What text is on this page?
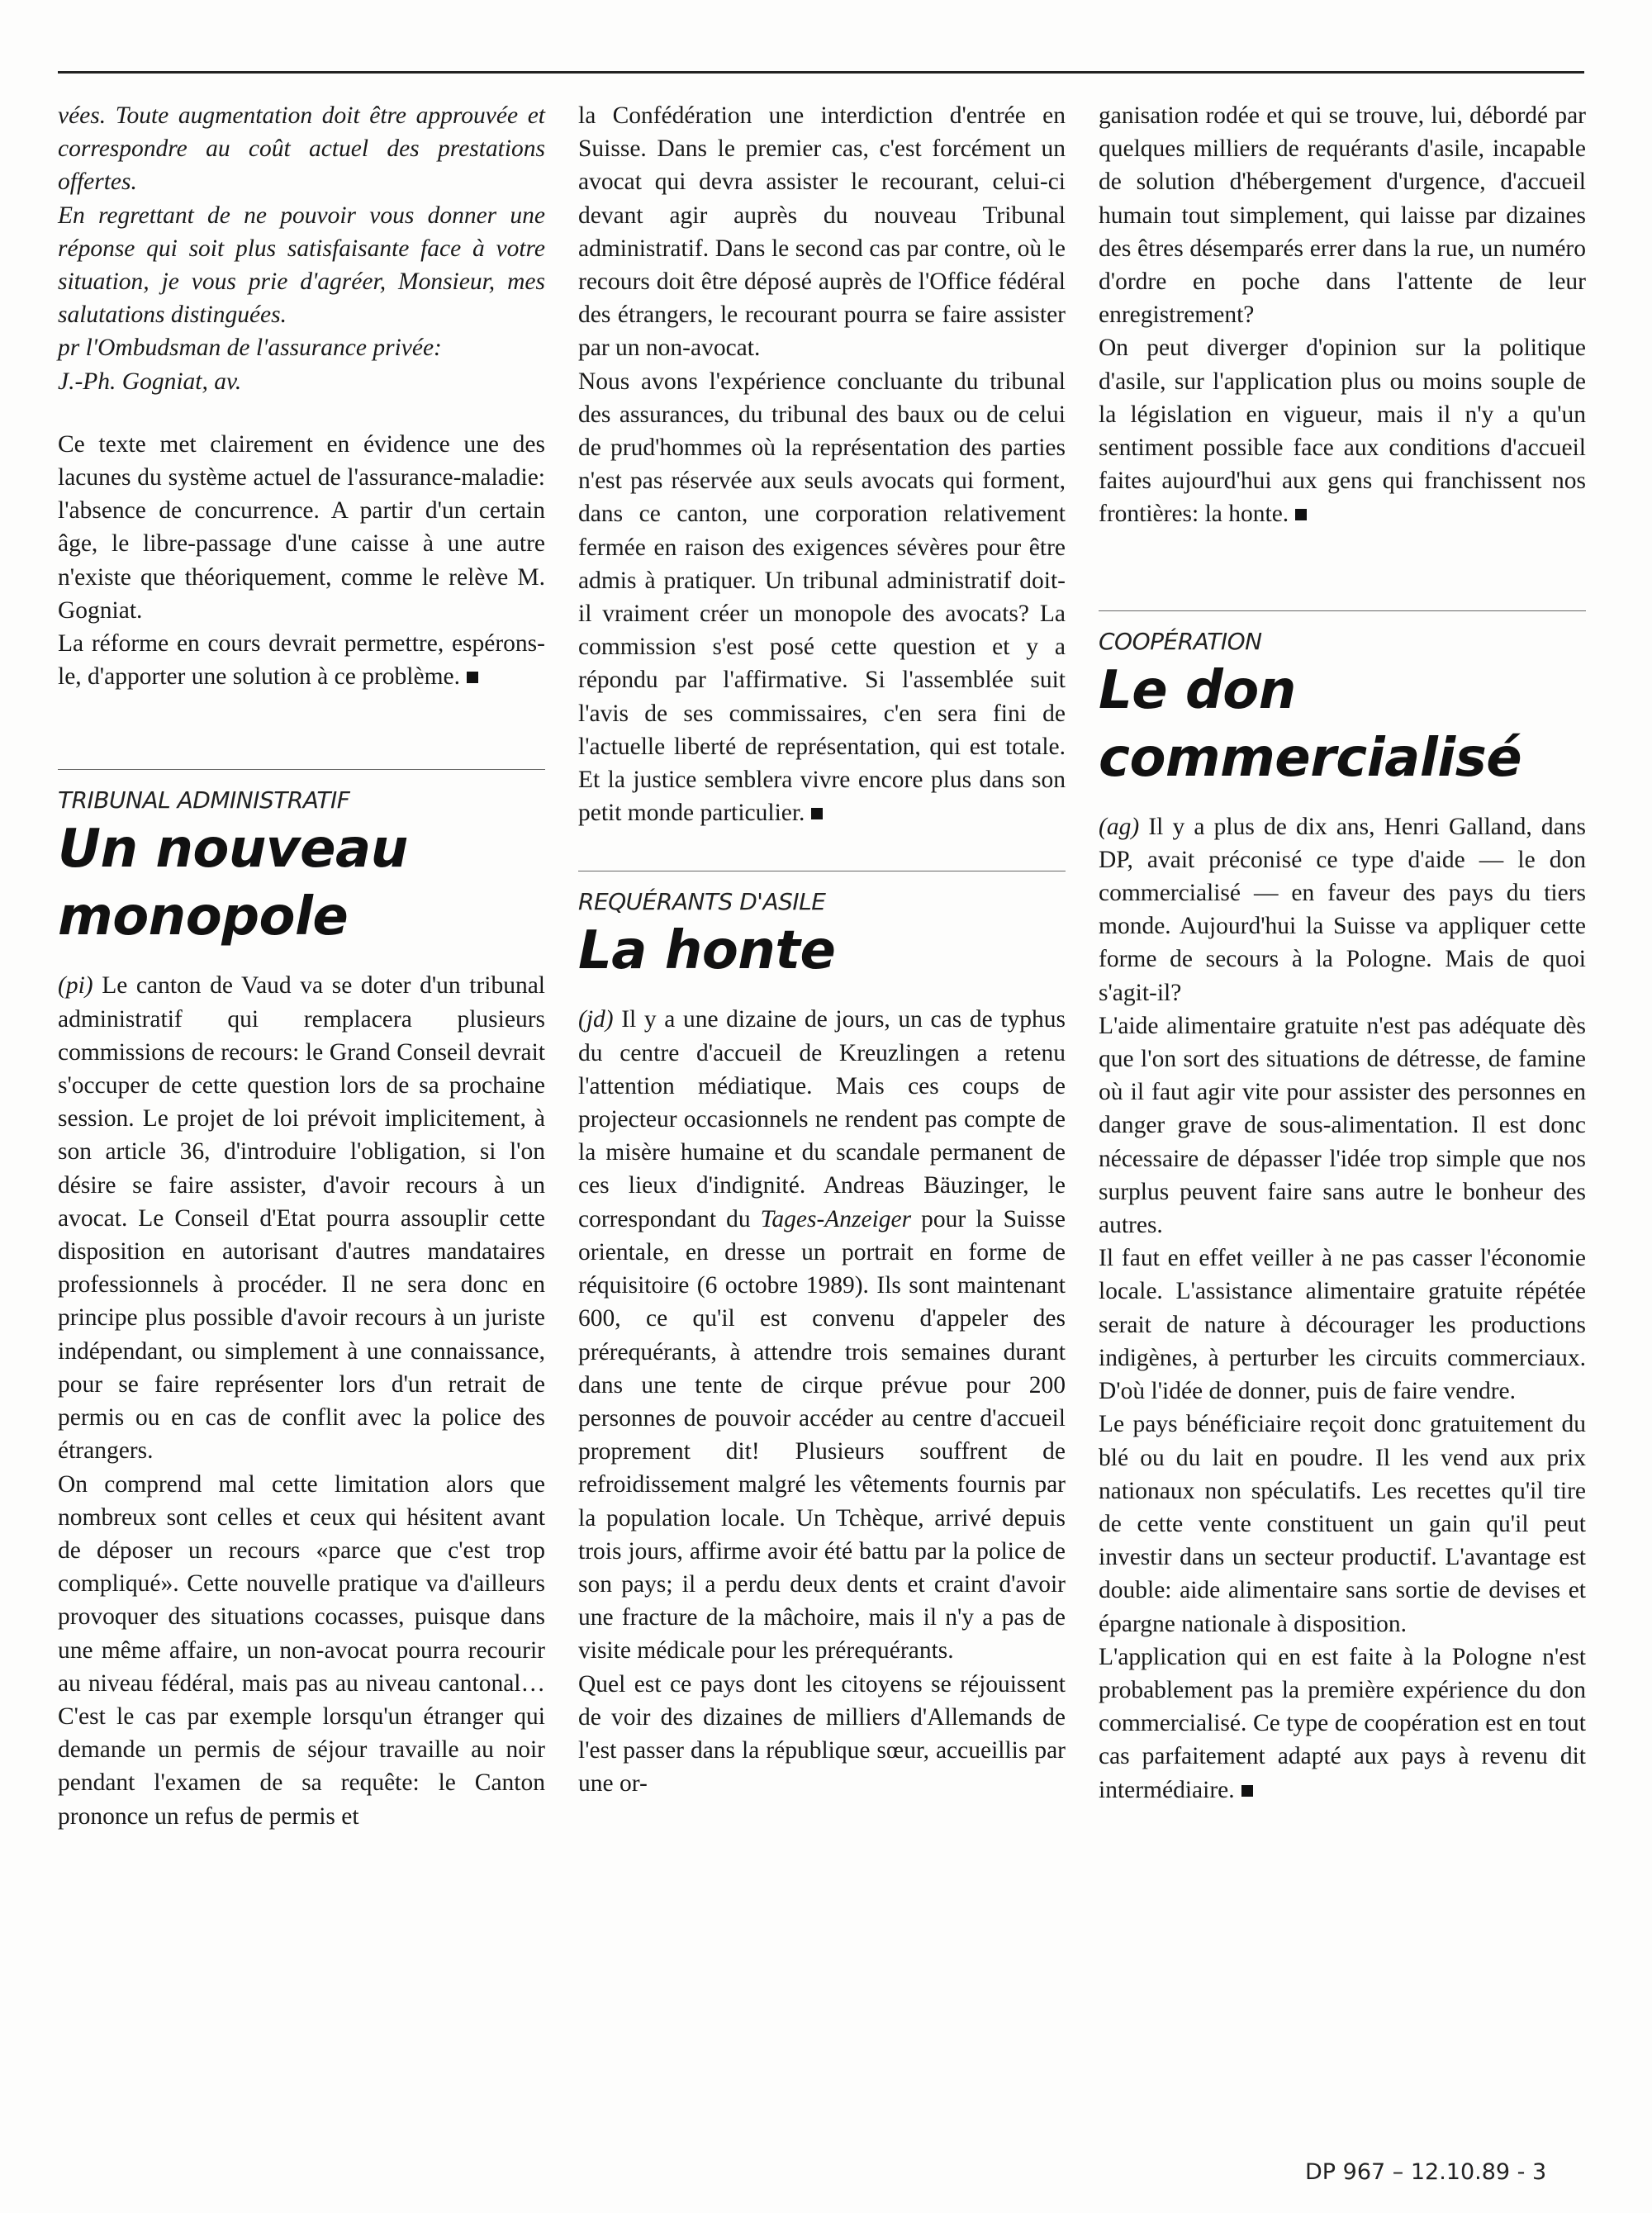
vées. Toute augmentation doit être approuvée et correspondre au coût actuel des prestations offertes.

En regrettant de ne pouvoir vous donner une réponse qui soit plus satisfaisante face à votre situation, je vous prie d'agréer, Monsieur, mes salutations distinguées.

pr l'Ombudsman de l'assurance privée:

J.-Ph. Gogniat, av.

Ce texte met clairement en évidence une des lacunes du système actuel de l'assurance-maladie: l'absence de concurrence. A partir d'un certain âge, le libre-passage d'une caisse à une autre n'existe que théoriquement, comme le relève M. Gogniat.

La réforme en cours devrait permettre, espérons-le, d'apporter une solution à ce problème.

TRIBUNAL ADMINISTRATIF
Un nouveau monopole

(pi) Le canton de Vaud va se doter d'un tribunal administratif qui remplacera plusieurs commissions de recours: le Grand Conseil devrait s'occuper de cette question lors de sa prochaine session. Le projet de loi prévoit implicitement, à son article 36, d'introduire l'obligation, si l'on désire se faire assister, d'avoir recours à un avocat. Le Conseil d'Etat pourra assouplir cette disposition en autorisant d'autres mandataires professionnels à procéder. Il ne sera donc en principe plus possible d'avoir recours à un juriste indépendant, ou simplement à une connaissance, pour se faire représenter lors d'un retrait de permis ou en cas de conflit avec la police des étrangers.

On comprend mal cette limitation alors que nombreux sont celles et ceux qui hésitent avant de déposer un recours «parce que c'est trop compliqué». Cette nouvelle pratique va d'ailleurs provoquer des situations cocasses, puisque dans une même affaire, un non-avocat pourra recourir au niveau fédéral, mais pas au niveau cantonal… C'est le cas par exemple lorsqu'un étranger qui demande un permis de séjour travaille au noir pendant l'examen de sa requête: le Canton prononce un refus de permis et

la Confédération une interdiction d'entrée en Suisse. Dans le premier cas, c'est forcément un avocat qui devra assister le recourant, celui-ci devant agir auprès du nouveau Tribunal administratif. Dans le second cas par contre, où le recours doit être déposé auprès de l'Office fédéral des étrangers, le recourant pourra se faire assister par un non-avocat.

Nous avons l'expérience concluante du tribunal des assurances, du tribunal des baux ou de celui de prud'hommes où la représentation des parties n'est pas réservée aux seuls avocats qui forment, dans ce canton, une corporation relativement fermée en raison des exigences sévères pour être admis à pratiquer. Un tribunal administratif doit-il vraiment créer un monopole des avocats? La commission s'est posé cette question et y a répondu par l'affirmative. Si l'assemblée suit l'avis de ses commissaires, c'en sera fini de l'actuelle liberté de représentation, qui est totale. Et la justice semblera vivre encore plus dans son petit monde particulier.

REQUÉRANTS D'ASILE
La honte

(jd) Il y a une dizaine de jours, un cas de typhus du centre d'accueil de Kreuzlingen a retenu l'attention médiatique. Mais ces coups de projecteur occasionnels ne rendent pas compte de la misère humaine et du scandale permanent de ces lieux d'indignité. Andreas Bäuzinger, le correspondant du Tages-Anzeiger pour la Suisse orientale, en dresse un portrait en forme de réquisitoire (6 octobre 1989). Ils sont maintenant 600, ce qu'il est convenu d'appeler des prérequérants, à attendre trois semaines durant dans une tente de cirque prévue pour 200 personnes de pouvoir accéder au centre d'accueil proprement dit! Plusieurs souffrent de refroidissement malgré les vêtements fournis par la population locale. Un Tchèque, arrivé depuis trois jours, affirme avoir été battu par la police de son pays; il a perdu deux dents et craint d'avoir une fracture de la mâchoire, mais il n'y a pas de visite médicale pour les prérequérants.

Quel est ce pays dont les citoyens se réjouissent de voir des dizaines de milliers d'Allemands de l'est passer dans la république sœur, accueillis par une or-

ganisation rodée et qui se trouve, lui, débordé par quelques milliers de requérants d'asile, incapable de solution d'hébergement d'urgence, d'accueil humain tout simplement, qui laisse par dizaines des êtres désemparés errer dans la rue, un numéro d'ordre en poche dans l'attente de leur enregistrement?

On peut diverger d'opinion sur la politique d'asile, sur l'application plus ou moins souple de la législation en vigueur, mais il n'y a qu'un sentiment possible face aux conditions d'accueil faites aujourd'hui aux gens qui franchissent nos frontières: la honte.

COOPÉRATION
Le don commercialisé

(ag) Il y a plus de dix ans, Henri Galland, dans DP, avait préconisé ce type d'aide — le don commercialisé — en faveur des pays du tiers monde. Aujourd'hui la Suisse va appliquer cette forme de secours à la Pologne. Mais de quoi s'agit-il?

L'aide alimentaire gratuite n'est pas adéquate dès que l'on sort des situations de détresse, de famine où il faut agir vite pour assister des personnes en danger grave de sous-alimentation. Il est donc nécessaire de dépasser l'idée trop simple que nos surplus peuvent faire sans autre le bonheur des autres.

Il faut en effet veiller à ne pas casser l'économie locale. L'assistance alimentaire gratuite répétée serait de nature à décourager les productions indigènes, à perturber les circuits commerciaux. D'où l'idée de donner, puis de faire vendre.

Le pays bénéficiaire reçoit donc gratuitement du blé ou du lait en poudre. Il les vend aux prix nationaux non spéculatifs. Les recettes qu'il tire de cette vente constituent un gain qu'il peut investir dans un secteur productif. L'avantage est double: aide alimentaire sans sortie de devises et épargne nationale à disposition.

L'application qui en est faite à la Pologne n'est probablement pas la première expérience du don commercialisé. Ce type de coopération est en tout cas parfaitement adapté aux pays à revenu dit intermédiaire.

DP 967 – 12.10.89 - 3
